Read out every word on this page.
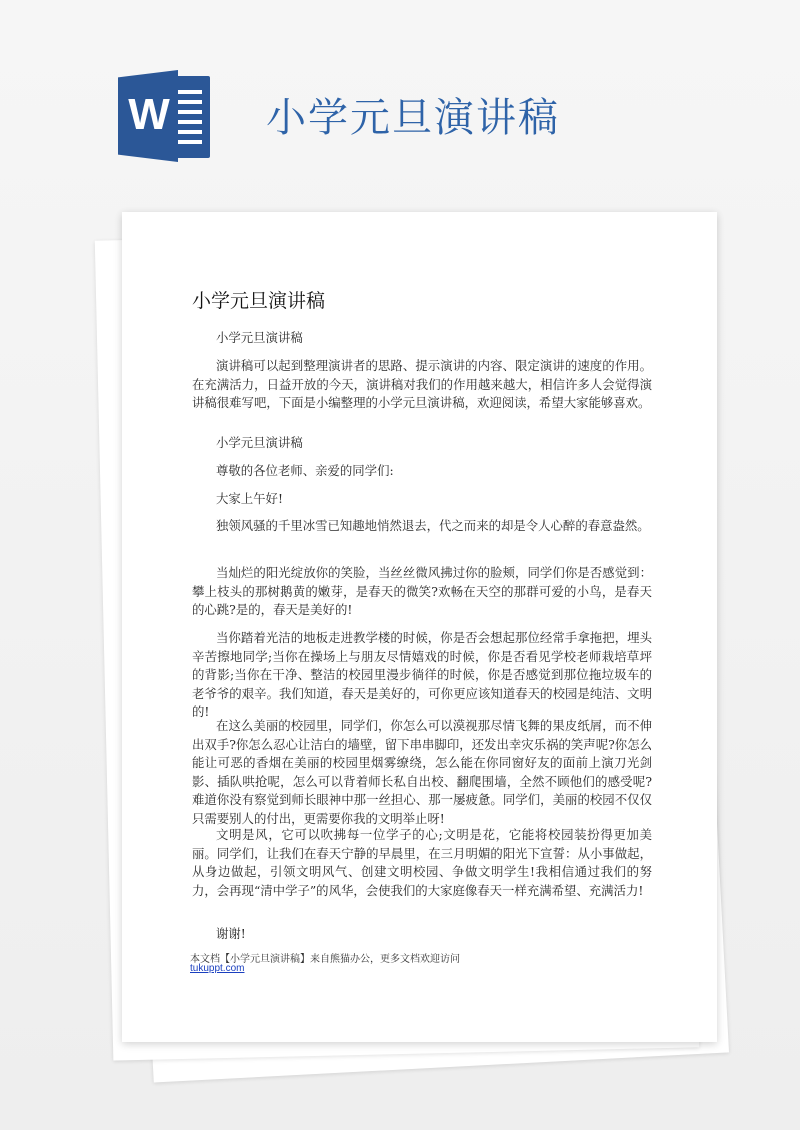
W 小学元旦演讲稿
小学元旦演讲稿
小学元旦演讲稿
演讲稿可以起到整理演讲者的思路、提示演讲的内容、限定演讲的速度的作用。在充满活力，日益开放的今天，演讲稿对我们的作用越来越大，相信许多人会觉得演讲稿很难写吧，下面是小编整理的小学元旦演讲稿，欢迎阅读，希望大家能够喜欢。
小学元旦演讲稿
尊敬的各位老师、亲爱的同学们:
大家上午好!
独领风骚的千里冰雪已知趣地悄然退去，代之而来的却是令人心醉的春意盎然。
当灿烂的阳光绽放你的笑脸，当丝丝微风拂过你的脸颊，同学们你是否感觉到：攀上枝头的那树鹅黄的嫩芽，是春天的微笑?欢畅在天空的那群可爱的小鸟，是春天的心跳?是的，春天是美好的!
当你踏着光洁的地板走进教学楼的时候，你是否会想起那位经常手拿拖把，埋头辛苦擦地同学;当你在操场上与朋友尽情嬉戏的时候，你是否看见学校老师栽培草坪的背影;当你在干净、整洁的校园里漫步徜徉的时候，你是否感觉到那位拖垃圾车的老爷爷的艰辛。我们知道，春天是美好的，可你更应该知道春天的校园是纯洁、文明的!
在这么美丽的校园里，同学们，你怎么可以漠视那尽情飞舞的果皮纸屑，而不伸出双手?你怎么忍心让洁白的墙壁，留下串串脚印，还发出幸灾乐祸的笑声呢?你怎么能让可恶的香烟在美丽的校园里烟雾缭绕，怎么能在你同窗好友的面前上演刀光剑影、插队哄抢呢，怎么可以背着师长私自出校、翻爬围墙，全然不顾他们的感受呢?难道你没有察觉到师长眼神中那一丝担心、那一屡疲惫。同学们，美丽的校园不仅仅只需要别人的付出，更需要你我的文明举止呀!
文明是风，它可以吹拂每一位学子的心;文明是花，它能将校园装扮得更加美丽。同学们，让我们在春天宁静的早晨里，在三月明媚的阳光下宣誓：从小事做起，从身边做起，引领文明风气、创建文明校园、争做文明学生!我相信通过我们的努力，会再现“清中学子”的风华，会使我们的大家庭像春天一样充满希望、充满活力!
谢谢!
本文档【小学元旦演讲稿】来自熊猫办公，更多文档欢迎访问
tukuppt.com
